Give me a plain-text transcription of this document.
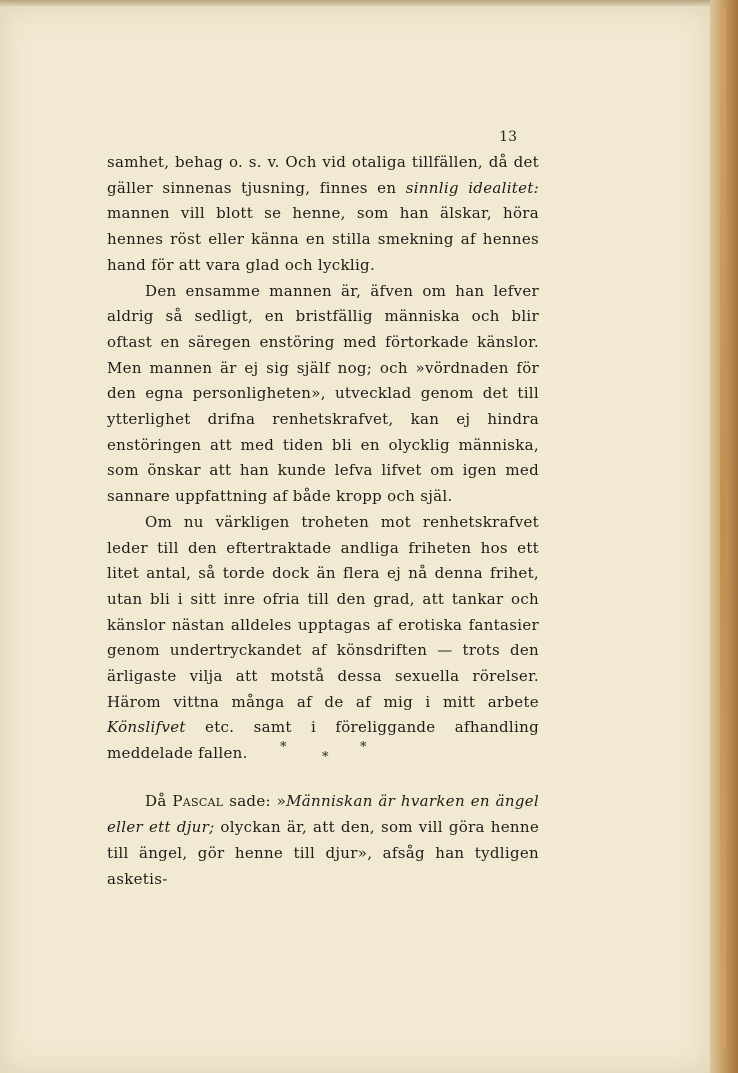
13

samhet, behag o. s. v. Och vid otaliga tillfällen, då det gäller sinnenas tjusning, finnes en sinnlig idealitet: mannen vill blott se henne, som han älskar, höra hennes röst eller känna en stilla smekning af hennes hand för att vara glad och lycklig.

Den ensamme mannen är, äfven om han lefver aldrig så sedligt, en bristfällig människa och blir oftast en säregen enstöring med förtorkade känslor. Men mannen är ej sig själf nog; och »vördnaden för den egna personligheten», utvecklad genom det till ytterlighet drifna renhetskrafvet, kan ej hindra enstöringen att med tiden bli en olycklig människa, som önskar att han kunde lefva lifvet om igen med sannare uppfattning af både kropp och själ.

Om nu värkligen troheten mot renhetskrafvet leder till den eftertraktade andliga friheten hos ett litet antal, så torde dock än flera ej nå denna frihet, utan bli i sitt inre ofria till den grad, att tankar och känslor nästan alldeles upptagas af erotiska fantasier genom undertryckandet af könsdriften — trots den ärligaste vilja att motstå dessa sexuella rörelser. Härom vittna många af de af mig i mitt arbete Könslifvet etc. samt i föreliggande afhandling meddelade fallen.	*
*
*

Då Pascal sade: »Människan är hvarken en ängel eller ett djur; olyckan är, att den, som vill göra henne till ängel, gör henne till djur», afsåg han tydligen asketis-
